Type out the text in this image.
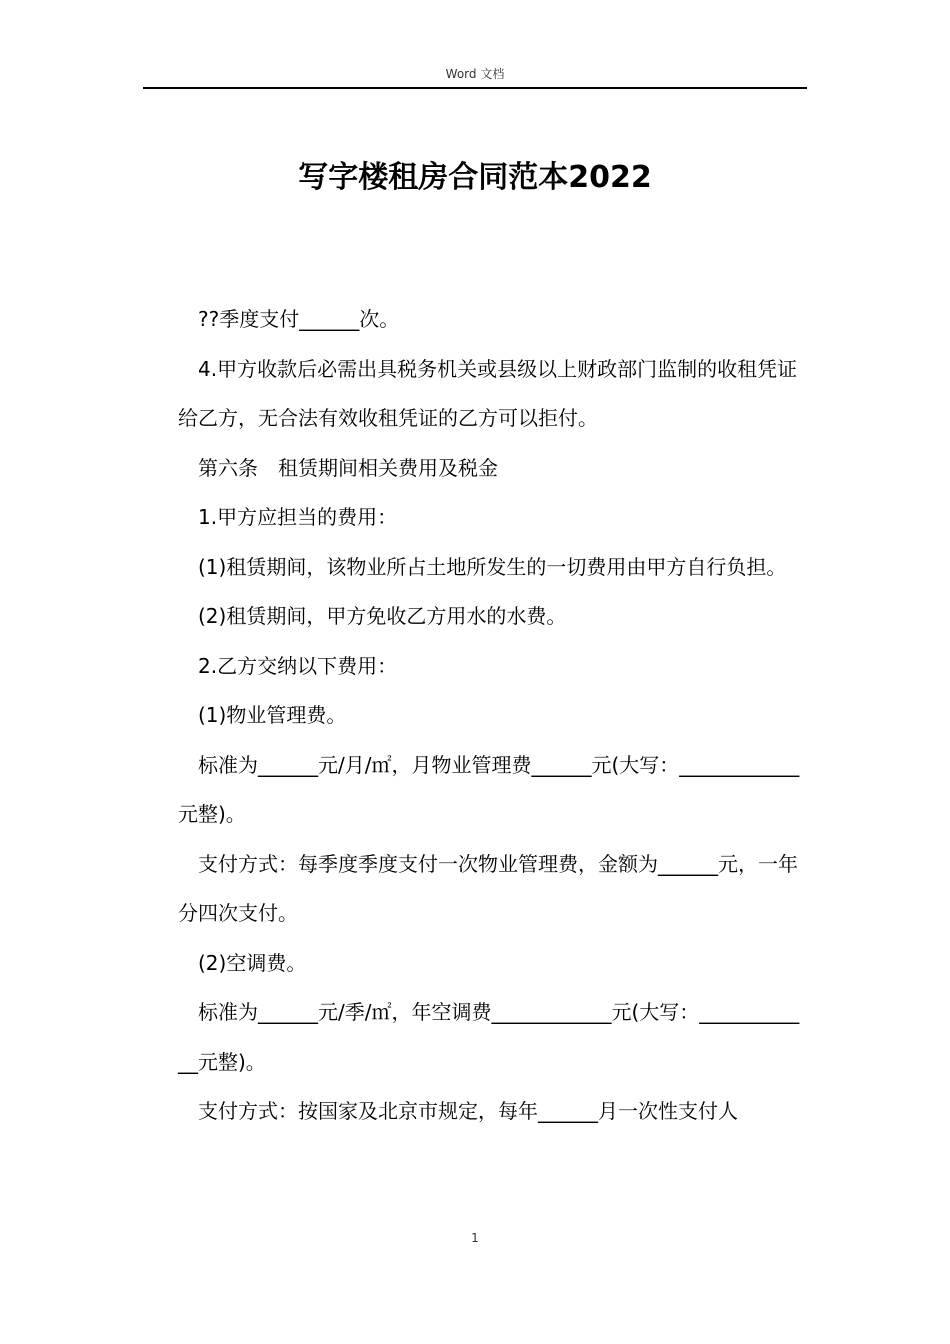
Word 文档
写字楼租房合同范本2022

??季度支付______次。

4.甲方收款后必需出具税务机关或县级以上财政部门监制的收租凭证给乙方，无合法有效收租凭证的乙方可以拒付。

第六条　租赁期间相关费用及税金

1.甲方应担当的费用：

(1)租赁期间，该物业所占土地所发生的一切费用由甲方自行负担。

(2)租赁期间，甲方免收乙方用水的水费。

2.乙方交纳以下费用：

(1)物业管理费。

标准为______元/月/㎡，月物业管理费______元(大写：____________元整)。

支付方式：每季度季度支付一次物业管理费，金额为______元，一年分四次支付。

(2)空调费。

标准为______元/季/㎡，年空调费____________元(大写：____________元整)。

支付方式：按国家及北京市规定，每年______月一次性支付人

1
